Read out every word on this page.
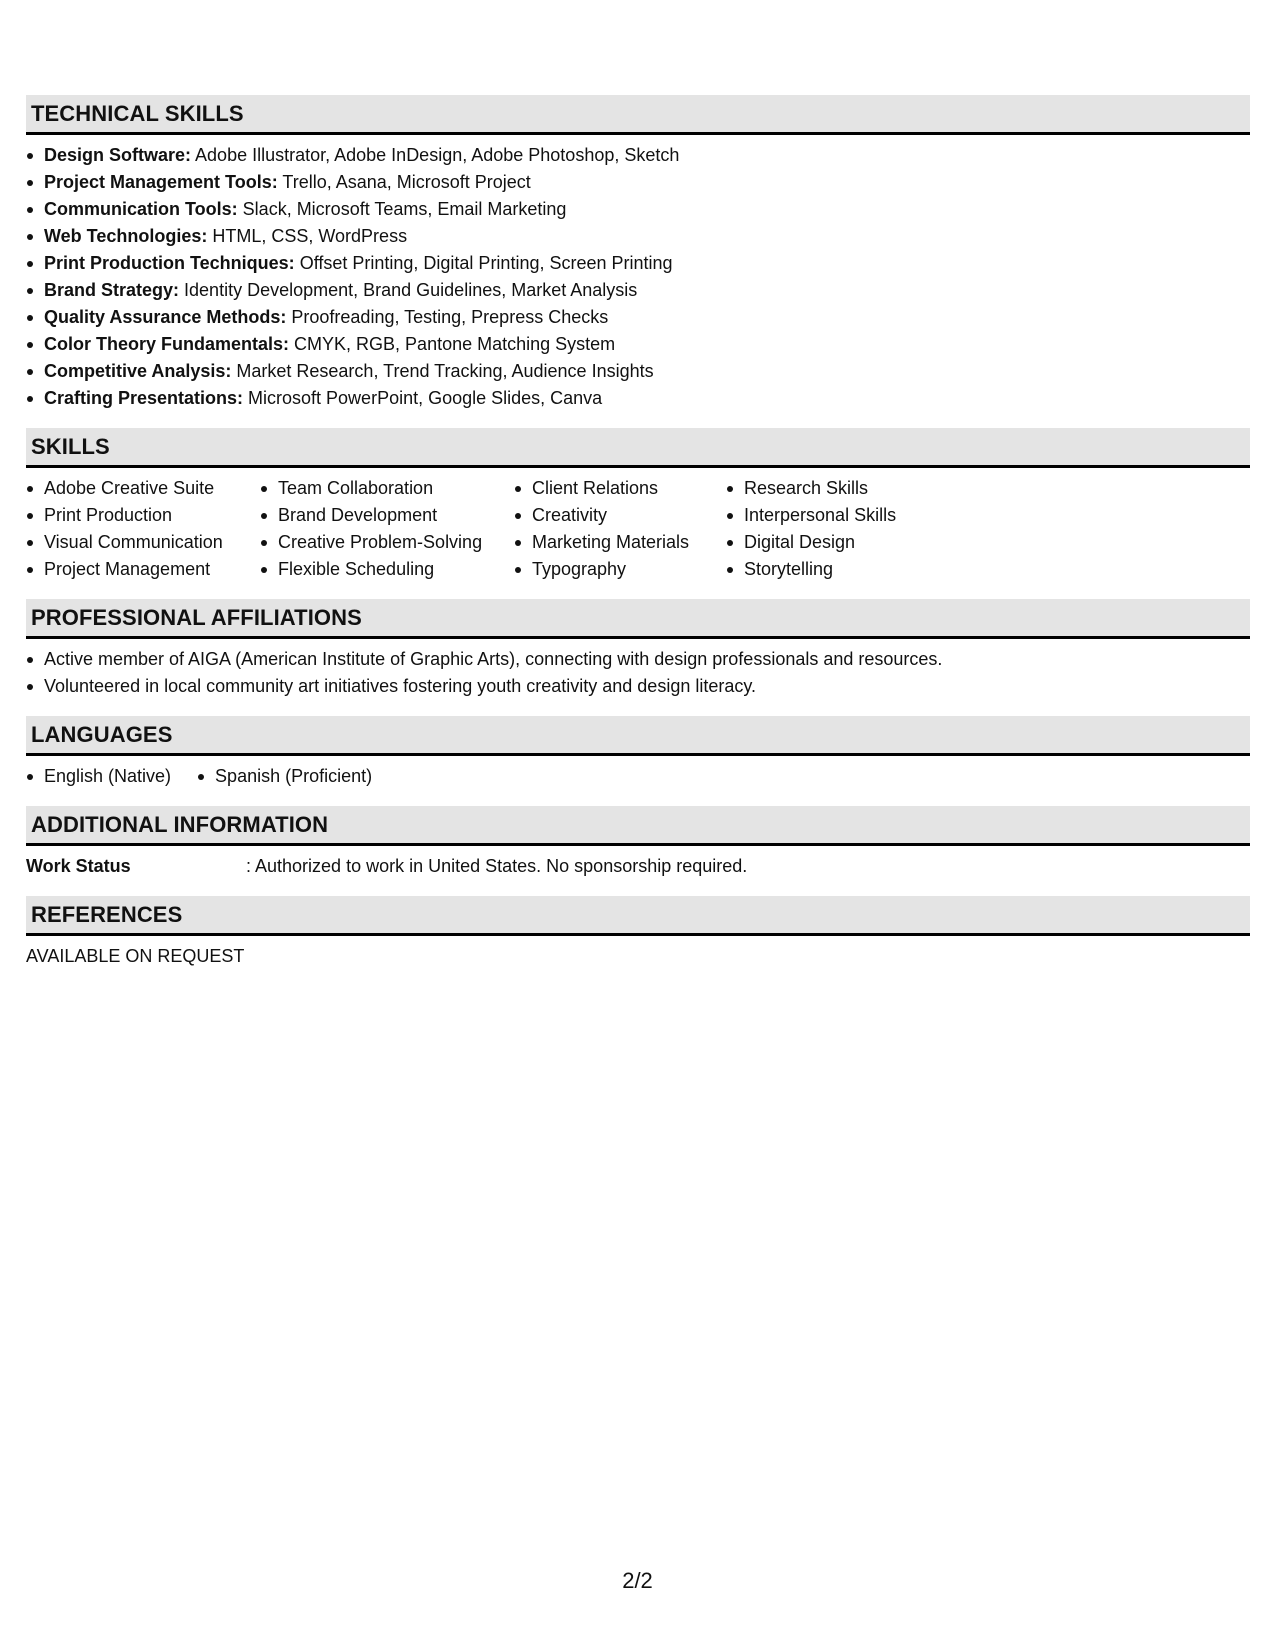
TECHNICAL SKILLS
Design Software: Adobe Illustrator, Adobe InDesign, Adobe Photoshop, Sketch
Project Management Tools: Trello, Asana, Microsoft Project
Communication Tools: Slack, Microsoft Teams, Email Marketing
Web Technologies: HTML, CSS, WordPress
Print Production Techniques: Offset Printing, Digital Printing, Screen Printing
Brand Strategy: Identity Development, Brand Guidelines, Market Analysis
Quality Assurance Methods: Proofreading, Testing, Prepress Checks
Color Theory Fundamentals: CMYK, RGB, Pantone Matching System
Competitive Analysis: Market Research, Trend Tracking, Audience Insights
Crafting Presentations: Microsoft PowerPoint, Google Slides, Canva
SKILLS
Adobe Creative Suite
Print Production
Visual Communication
Project Management
Team Collaboration
Brand Development
Creative Problem-Solving
Flexible Scheduling
Client Relations
Creativity
Marketing Materials
Typography
Research Skills
Interpersonal Skills
Digital Design
Storytelling
PROFESSIONAL AFFILIATIONS
Active member of AIGA (American Institute of Graphic Arts), connecting with design professionals and resources.
Volunteered in local community art initiatives fostering youth creativity and design literacy.
LANGUAGES
English (Native)	Spanish (Proficient)
ADDITIONAL INFORMATION
Work Status	: Authorized to work in United States. No sponsorship required.
REFERENCES
AVAILABLE ON REQUEST
2/2
